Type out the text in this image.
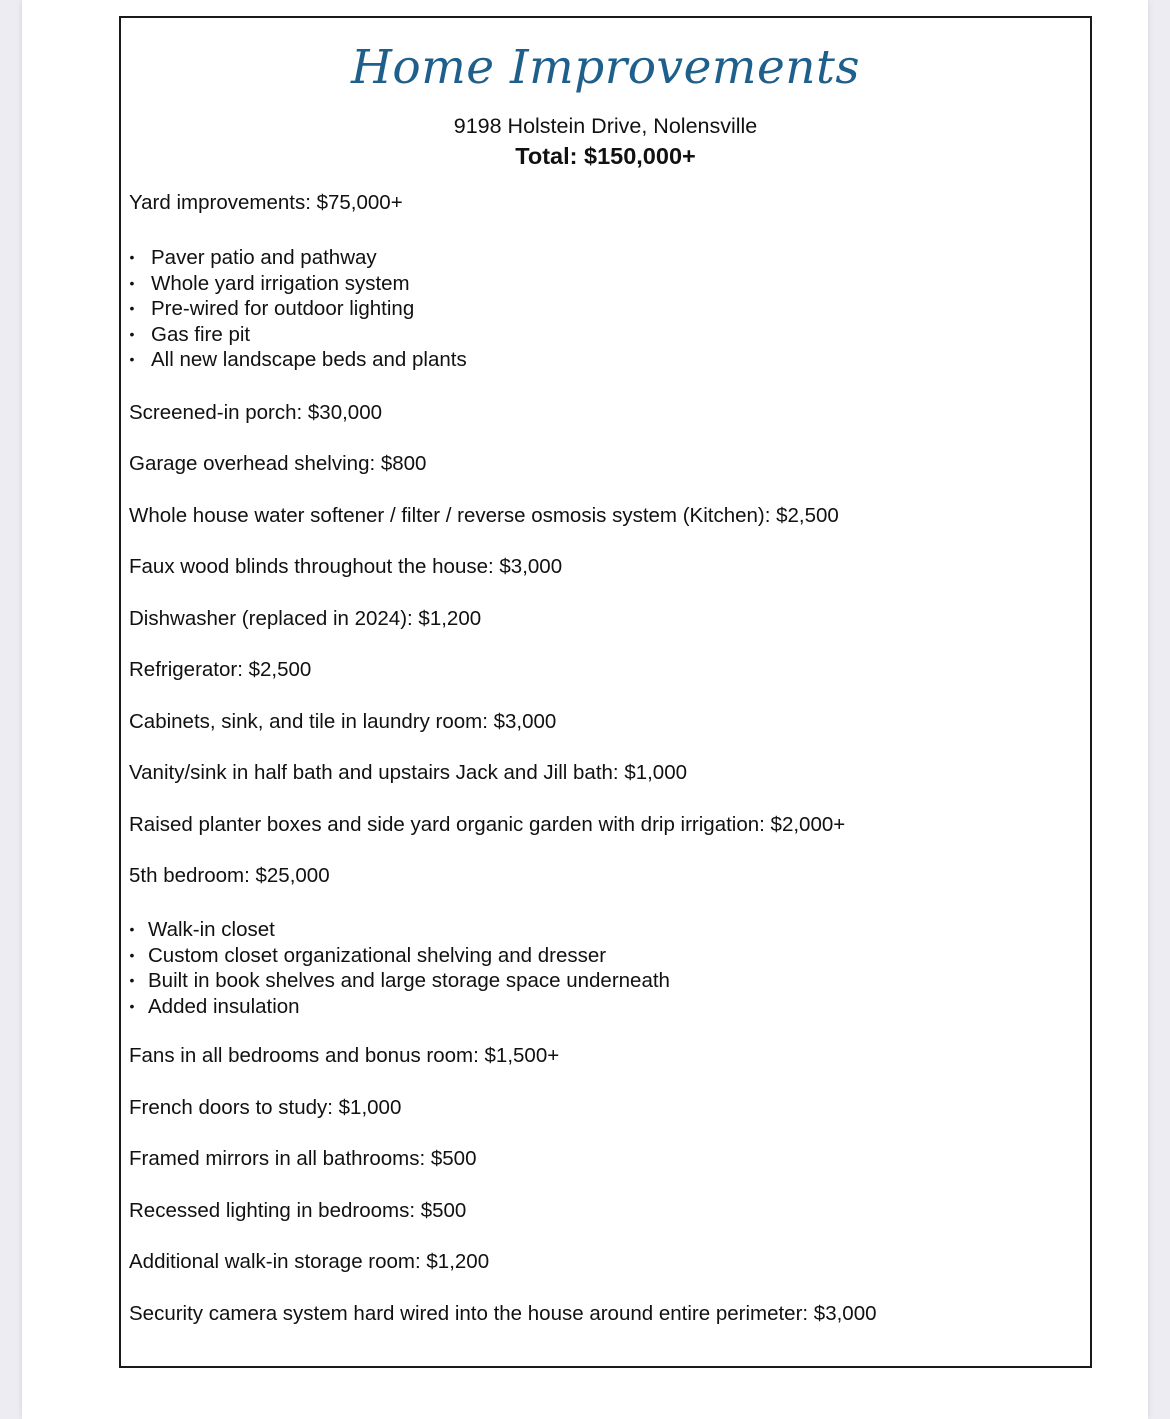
Home Improvements
9198 Holstein Drive, Nolensville
Total: $150,000+
Yard improvements: $75,000+
• Paver patio and pathway
• Whole yard irrigation system
• Pre-wired for outdoor lighting
• Gas fire pit
• All new landscape beds and plants
Screened-in porch: $30,000
Garage overhead shelving: $800
Whole house water softener / filter / reverse osmosis system (Kitchen): $2,500
Faux wood blinds throughout the house: $3,000
Dishwasher (replaced in 2024): $1,200
Refrigerator: $2,500
Cabinets, sink, and tile in laundry room: $3,000
Vanity/sink in half bath and upstairs Jack and Jill bath: $1,000
Raised planter boxes and side yard organic garden with drip irrigation: $2,000+
5th bedroom: $25,000
• Walk-in closet
• Custom closet organizational shelving and dresser
• Built in book shelves and large storage space underneath
• Added insulation
Fans in all bedrooms and bonus room: $1,500+
French doors to study: $1,000
Framed mirrors in all bathrooms: $500
Recessed lighting in bedrooms: $500
Additional walk-in storage room: $1,200
Security camera system hard wired into the house around entire perimeter: $3,000
